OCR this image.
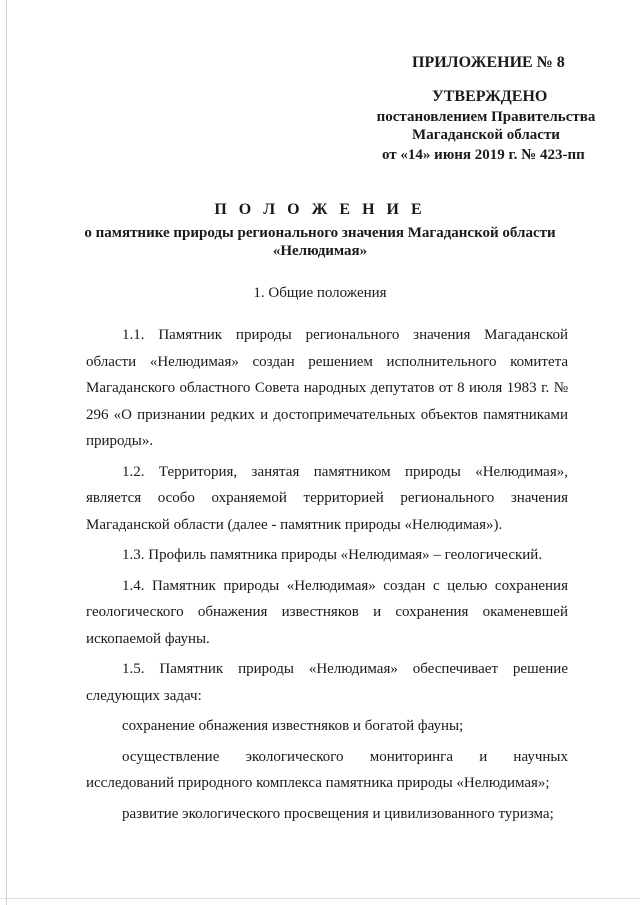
ПРИЛОЖЕНИЕ № 8
УТВЕРЖДЕНО
постановлением Правительства
Магаданской области
от «14» июня 2019 г. № 423-пп
П О Л О Ж Е Н И Е
о памятнике природы регионального значения Магаданской области
«Нелюдимая»
1. Общие положения

1.1. Памятник природы регионального значения Магаданской области «Нелюдимая» создан решением исполнительного комитета Магаданского областного Совета народных депутатов от 8 июля 1983 г. № 296 «О признании редких и достопримечательных объектов памятниками природы».

1.2. Территория, занятая памятником природы «Нелюдимая», является особо охраняемой территорией регионального значения Магаданской области (далее - памятник природы «Нелюдимая»).

1.3. Профиль памятника природы «Нелюдимая» – геологический.

1.4. Памятник природы «Нелюдимая» создан с целью сохранения геологического обнажения известняков и сохранения окаменевшей ископаемой фауны.

1.5. Памятник природы «Нелюдимая» обеспечивает решение следующих задач:

сохранение обнажения известняков и богатой фауны;

осуществление экологического мониторинга и научных исследований природного комплекса памятника природы «Нелюдимая»;

развитие экологического просвещения и цивилизованного туризма;
